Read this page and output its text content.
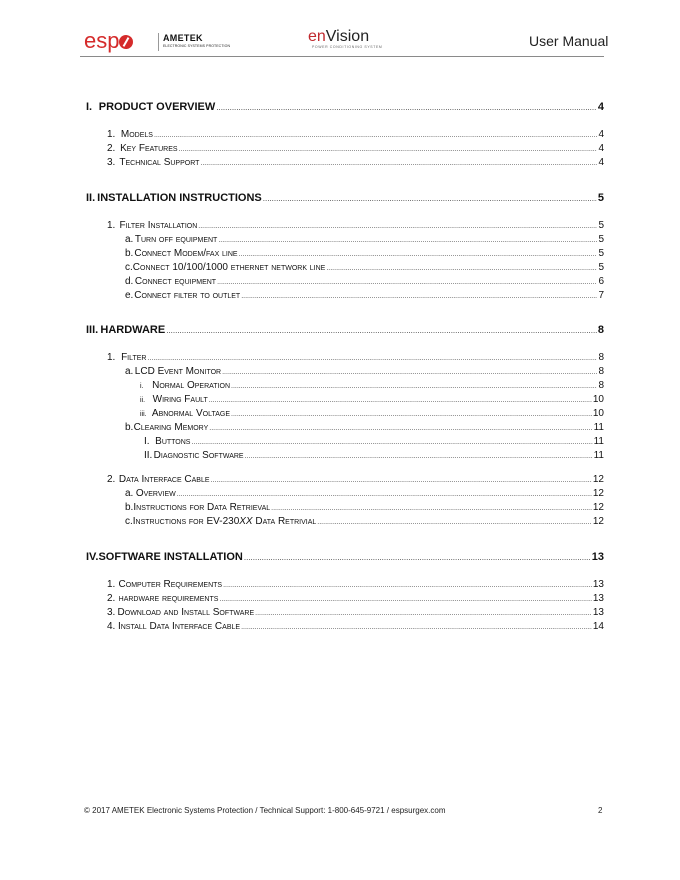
esp	AMETEK
ELECTRONIC SYSTEMS PROTECTION
enVision
POWER CONDITIONING SYSTEM	User Manual
I. PRODUCT OVERVIEW .....	4
1. Models .....	4
2. Key Features .....	4
3. Technical Support .....	4
II. INSTALLATION INSTRUCTIONS .....	5
1. Filter Installation .....	5
a. Turn off equipment .....	5
b. Connect Modem/fax line .....	5
c. Connect 10/100/1000 ethernet network line .....	5
d. Connect equipment .....	6
e. Connect filter to outlet .....	7
III. HARDWARE .....	8
1. Filter .....	8
a. LCD Event Monitor .....	8
i. Normal Operation .....	8
ii. Wiring Fault .....	10
iii. Abnormal Voltage .....	10
b. Clearing Memory .....	11
I. Buttons .....	11
II. Diagnostic Software .....	11
2. Data Interface Cable .....	12
a. Overview .....	12
b. Instructions for Data Retrieval .....	12
c. Instructions for EV-230XX Data Retrivial .....	12
IV. SOFTWARE INSTALLATION .....	13
1. Computer Requirements .....	13
2. hardware requirements .....	13
3. Download and Install Software .....	13
4. Install Data Interface Cable .....	14
© 2017 AMETEK Electronic Systems Protection / Technical Support: 1-800-645-9721 / espsurgex.com	2
